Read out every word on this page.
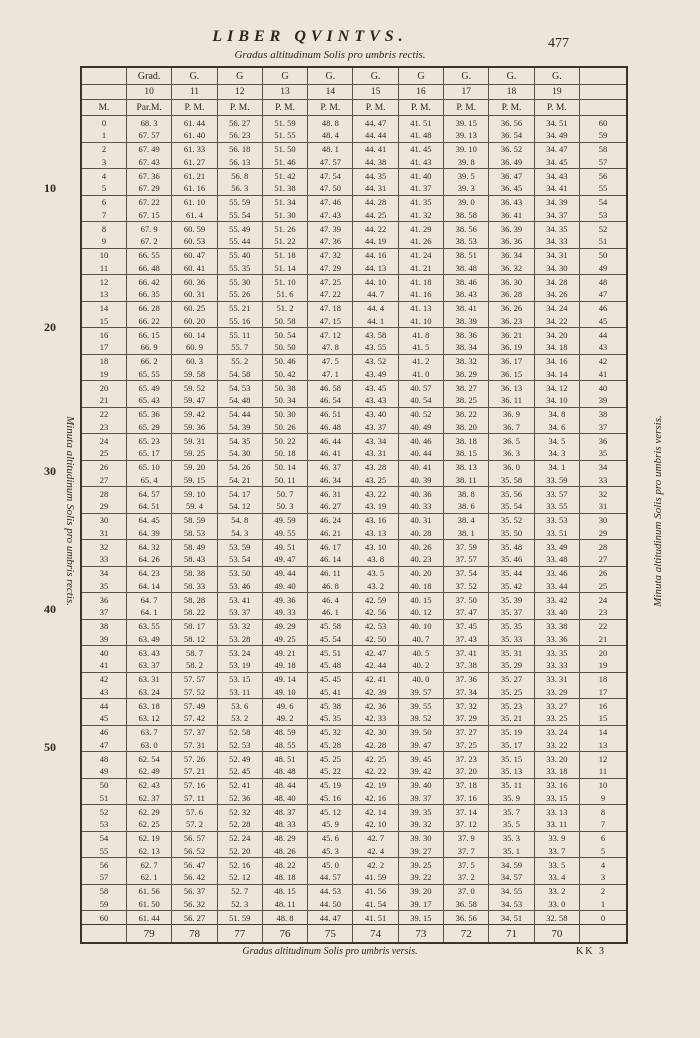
LIBER QVINTVS.	477
Gradus altitudinum Solis pro umbris rectis.
Minuta altitudinum Solis pro umbris rectis.	Minuta altitudinum Solis pro umbris versis.
10
20
30
40
50
	Grad.	G.	G	G	G.	G.	G	G.	G.	G.	
	10	11	12	13	14	15	16	17	18	19	
M.	Par.M.	P. M.	P. M.	P. M.	P. M.	P. M.	P. M.	P. M.	P. M.	P. M.	
0	68. 3	61. 44	56. 27	51. 59	48. 8	44. 47	41. 51	39. 15	36. 56	34. 51	60
1	67. 57	61. 40	56. 23	51. 55	48. 4	44. 44	41. 48	39. 13	36. 54	34. 49	59
2	67. 49	61. 33	56. 18	51. 50	48. 1	44. 41	41. 45	39. 10	36. 52	34. 47	58
3	67. 43	61. 27	56. 13	51. 46	47. 57	44. 38	41. 43	39. 8	36. 49	34. 45	57
4	67. 36	61. 21	56. 8	51. 42	47. 54	44. 35	41. 40	39. 5	36. 47	34. 43	56
5	67. 29	61. 16	56. 3	51. 38	47. 50	44. 31	41. 37	39. 3	36. 45	34. 41	55
6	67. 22	61. 10	55. 59	51. 34	47. 46	44. 28	41. 35	39. 0	36. 43	34. 39	54
7	67. 15	61. 4	55. 54	51. 30	47. 43	44. 25	41. 32	38. 58	36. 41	34. 37	53
8	67. 9	60. 59	55. 49	51. 26	47. 39	44. 22	41. 29	38. 56	36. 39	34. 35	52
9	67. 2	60. 53	55. 44	51. 22	47. 36	44. 19	41. 26	38. 53	36. 36	34. 33	51
10	66. 55	60. 47	55. 40	51. 18	47. 32	44. 16	41. 24	38. 51	36. 34	34. 31	50
11	66. 48	60. 41	55. 35	51. 14	47. 29	44. 13	41. 21	38. 48	36. 32	34. 30	49
12	66. 42	60. 36	55. 30	51. 10	47. 25	44. 10	41. 18	38. 46	36. 30	34. 28	48
13	66. 35	60. 31	55. 26	51. 6	47. 22	44. 7	41. 16	38. 43	36. 28	34. 26	47
14	66. 28	60. 25	55. 21	51. 2	47. 18	44. 4	41. 13	38. 41	36. 26	34. 24	46
15	66. 22	60. 20	55. 16	50. 58	47. 15	44. 1	41. 10	38. 39	36. 23	34. 22	45
16	66. 15	60. 14	55. 11	50. 54	47. 12	43. 58	41. 8	38. 36	36. 21	34. 20	44
17	66. 9	60. 9	55. 7	50. 50	47. 8	43. 55	41. 5	38. 34	36. 19	34. 18	43
18	66. 2	60. 3	55. 2	50. 46	47. 5	43. 52	41. 2	38. 32	36. 17	34. 16	42
19	65. 55	59. 58	54. 58	50. 42	47. 1	43. 49	41. 0	38. 29	36. 15	34. 14	41
20	65. 49	59. 52	54. 53	50. 38	46. 58	43. 45	40. 57	38. 27	36. 13	34. 12	40
21	65. 43	59. 47	54. 48	50. 34	46. 54	43. 43	40. 54	38. 25	36. 11	34. 10	39
22	65. 36	59. 42	54. 44	50. 30	46. 51	43. 40	40. 52	38. 22	36. 9	34. 8	38
23	65. 29	59. 36	54. 39	50. 26	46. 48	43. 37	40. 49	38. 20	36. 7	34. 6	37
24	65. 23	59. 31	54. 35	50. 22	46. 44	43. 34	40. 46	38. 18	36. 5	34. 5	36
25	65. 17	59. 25	54. 30	50. 18	46. 41	43. 31	40. 44	38. 15	36. 3	34. 3	35
26	65. 10	59. 20	54. 26	50. 14	46. 37	43. 28	40. 41	38. 13	36. 0	34. 1	34
27	65. 4	59. 15	54. 21	50. 11	46. 34	43. 25	40. 39	38. 11	35. 58	33. 59	33
28	64. 57	59. 10	54. 17	50. 7	46. 31	43. 22	40. 36	38. 8	35. 56	33. 57	32
29	64. 51	59. 4	54. 12	50. 3	46. 27	43. 19	40. 33	38. 6	35. 54	33. 55	31
30	64. 45	58. 59	54. 8	49. 59	46. 24	43. 16	40. 31	38. 4	35. 52	33. 53	30
31	64. 39	58. 53	54. 3	49. 55	46. 21	43. 13	40. 28	38. 1	35. 50	33. 51	29
32	64. 32	58. 49	53. 59	49. 51	46. 17	43. 10	40. 26	37. 59	35. 48	33. 49	28
33	64. 26	58. 43	53. 54	49. 47	46. 14	43. 8	40. 23	37. 57	35. 46	33. 48	27
34	64. 23	58. 38	53. 50	49. 44	46. 11	43. 5	40. 20	37. 54	35. 44	33. 46	26
35	64. 14	58. 33	53. 46	49. 40	46. 8	43. 2	40. 18	37. 52	35. 42	33. 44	25
36	64. 7	58. 28	53. 41	49. 36	46. 4	42. 59	40. 15	37. 50	35. 39	33. 42	24
37	64. 1	58. 22	53. 37	49. 33	46. 1	42. 56	40. 12	37. 47	35. 37	33. 40	23
38	63. 55	58. 17	53. 32	49. 29	45. 58	42. 53	40. 10	37. 45	35. 35	33. 38	22
39	63. 49	58. 12	53. 28	49. 25	45. 54	42. 50	40. 7	37. 43	35. 33	33. 36	21
40	63. 43	58. 7	53. 24	49. 21	45. 51	42. 47	40. 5	37. 41	35. 31	33. 35	20
41	63. 37	58. 2	53. 19	49. 18	45. 48	42. 44	40. 2	37. 38	35. 29	33. 33	19
42	63. 31	57. 57	53. 15	49. 14	45. 45	42. 41	40. 0	37. 36	35. 27	33. 31	18
43	63. 24	57. 52	53. 11	49. 10	45. 41	42. 39	39. 57	37. 34	35. 25	33. 29	17
44	63. 18	57. 49	53. 6	49. 6	45. 38	42. 36	39. 55	37. 32	35. 23	33. 27	16
45	63. 12	57. 42	53. 2	49. 2	45. 35	42. 33	39. 52	37. 29	35. 21	33. 25	15
46	63. 7	57. 37	52. 58	48. 59	45. 32	42. 30	39. 50	37. 27	35. 19	33. 24	14
47	63. 0	57. 31	52. 53	48. 55	45. 28	42. 28	39. 47	37. 25	35. 17	33. 22	13
48	62. 54	57. 26	52. 49	48. 51	45. 25	42. 25	39. 45	37. 23	35. 15	33. 20	12
49	62. 49	57. 21	52. 45	48. 48	45. 22	42. 22	39. 42	37. 20	35. 13	33. 18	11
50	62. 43	57. 16	52. 41	48. 44	45. 19	42. 19	39. 40	37. 18	35. 11	33. 16	10
51	62. 37	57. 11	52. 36	48. 40	45. 16	42. 16	39. 37	37. 16	35. 9	33. 15	9
52	62. 29	57. 6	52. 32	48. 37	45. 12	42. 14	39. 35	37. 14	35. 7	33. 13	8
53	62. 25	57. 2	52. 28	48. 33	45. 9	42. 10	39. 32	37. 12	35. 5	33. 11	7
54	62. 19	56. 57	52. 24	48. 29	45. 6	42. 7	39. 30	37. 9	35. 3	33. 9	6
55	62. 13	56. 52	52. 20	48. 26	45. 3	42. 4	39. 27	37. 7	35. 1	33. 7	5
56	62. 7	56. 47	52. 16	48. 22	45. 0	42. 2	39. 25	37. 5	34. 59	33. 5	4
57	62. 1	56. 42	52. 12	48. 18	44. 57	41. 59	39. 22	37. 2	34. 57	33. 4	3
58	61. 56	56. 37	52. 7	48. 15	44. 53	41. 56	39. 20	37. 0	34. 55	33. 2	2
59	61. 50	56. 32	52. 3	48. 11	44. 50	41. 54	39. 17	36. 58	34. 53	33. 0	1
60	61. 44	56. 27	51. 59	48. 8	44. 47	41. 51	39. 15	36. 56	34. 51	32. 58	0
	79	78	77	76	75	74	73	72	71	70	
Gradus altitudinum Solis pro umbris versis.	KK 3
